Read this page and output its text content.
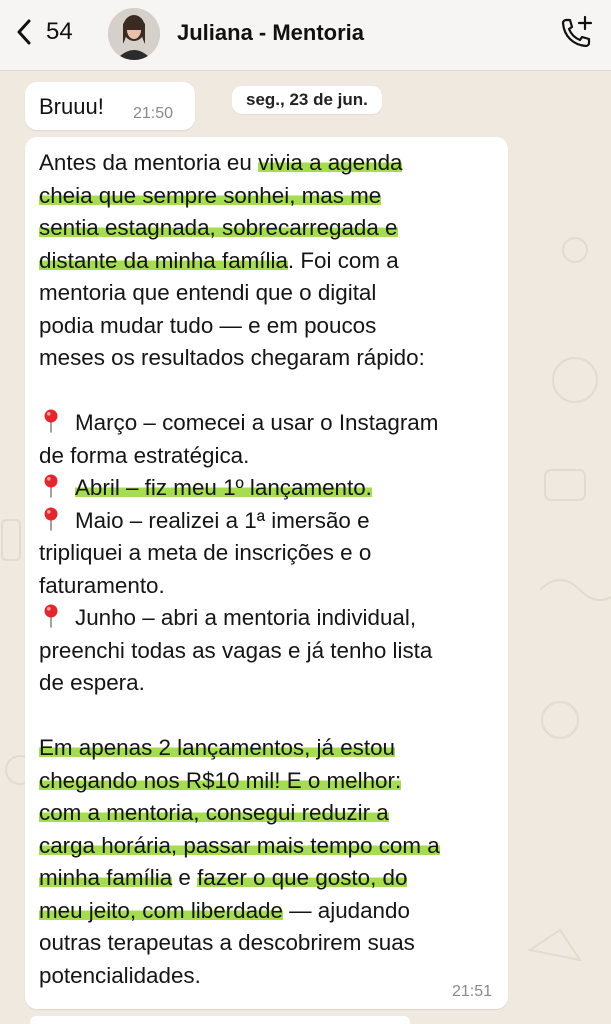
54	Juliana - Mentoria
Bruuu! 21:50
seg., 23 de jun.
Antes da mentoria eu vivia a agenda
cheia que sempre sonhei, mas me
sentia estagnada, sobrecarregada e
distante da minha família. Foi com a
mentoria que entendi que o digital
podia mudar tudo — e em poucos
meses os resultados chegaram rápido:
Março – comecei a usar o Instagram
de forma estratégica.
Abril – fiz meu 1º lançamento.
Maio – realizei a 1ª imersão e
tripliquei a meta de inscrições e o
faturamento.
Junho – abri a mentoria individual,
preenchi todas as vagas e já tenho lista
de espera.
Em apenas 2 lançamentos, já estou
chegando nos R$10 mil! E o melhor:
com a mentoria, consegui reduzir a
carga horária, passar mais tempo com a
minha família e fazer o que gosto, do
meu jeito, com liberdade — ajudando
outras terapeutas a descobrirem suas
potencialidades.
21:51
